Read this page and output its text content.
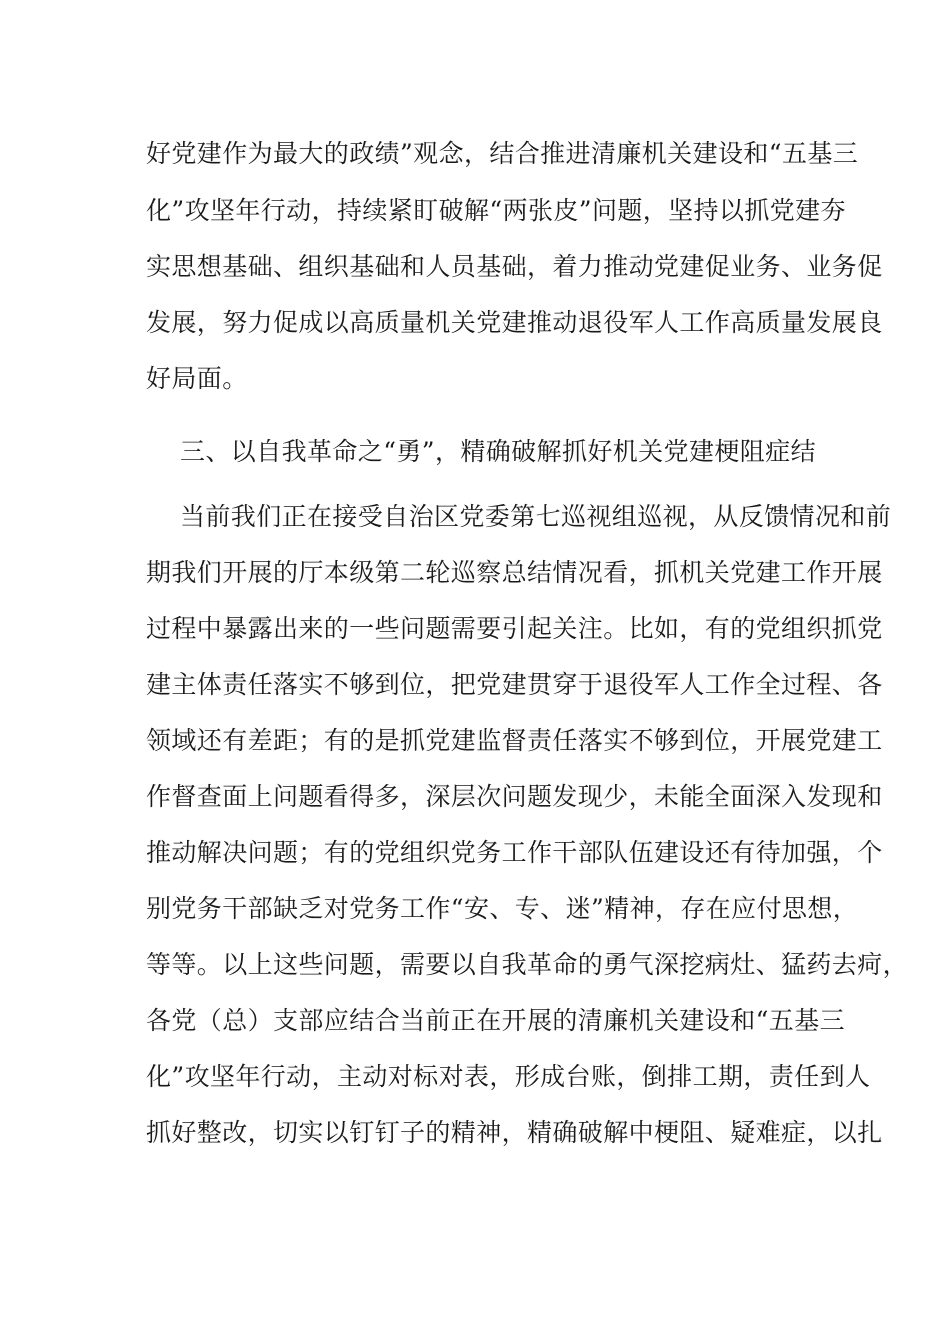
好党建作为最大的政绩”观念，结合推进清廉机关建设和“五基三
化”攻坚年行动，持续紧盯破解“两张皮”问题，坚持以抓党建夯
实思想基础、组织基础和人员基础，着力推动党建促业务、业务促
发展，努力促成以高质量机关党建推动退役军人工作高质量发展良
好局面。
三、以自我革命之“勇”，精确破解抓好机关党建梗阻症结
当前我们正在接受自治区党委第七巡视组巡视，从反馈情况和前
期我们开展的厅本级第二轮巡察总结情况看，抓机关党建工作开展
过程中暴露出来的一些问题需要引起关注。比如，有的党组织抓党
建主体责任落实不够到位，把党建贯穿于退役军人工作全过程、各
领域还有差距；有的是抓党建监督责任落实不够到位，开展党建工
作督查面上问题看得多，深层次问题发现少，未能全面深入发现和
推动解决问题；有的党组织党务工作干部队伍建设还有待加强，个
别党务干部缺乏对党务工作“安、专、迷”精神，存在应付思想，
等等。以上这些问题，需要以自我革命的勇气深挖病灶、猛药去疴，
各党（总）支部应结合当前正在开展的清廉机关建设和“五基三
化”攻坚年行动，主动对标对表，形成台账，倒排工期，责任到人
抓好整改，切实以钉钉子的精神，精确破解中梗阻、疑难症，以扎
